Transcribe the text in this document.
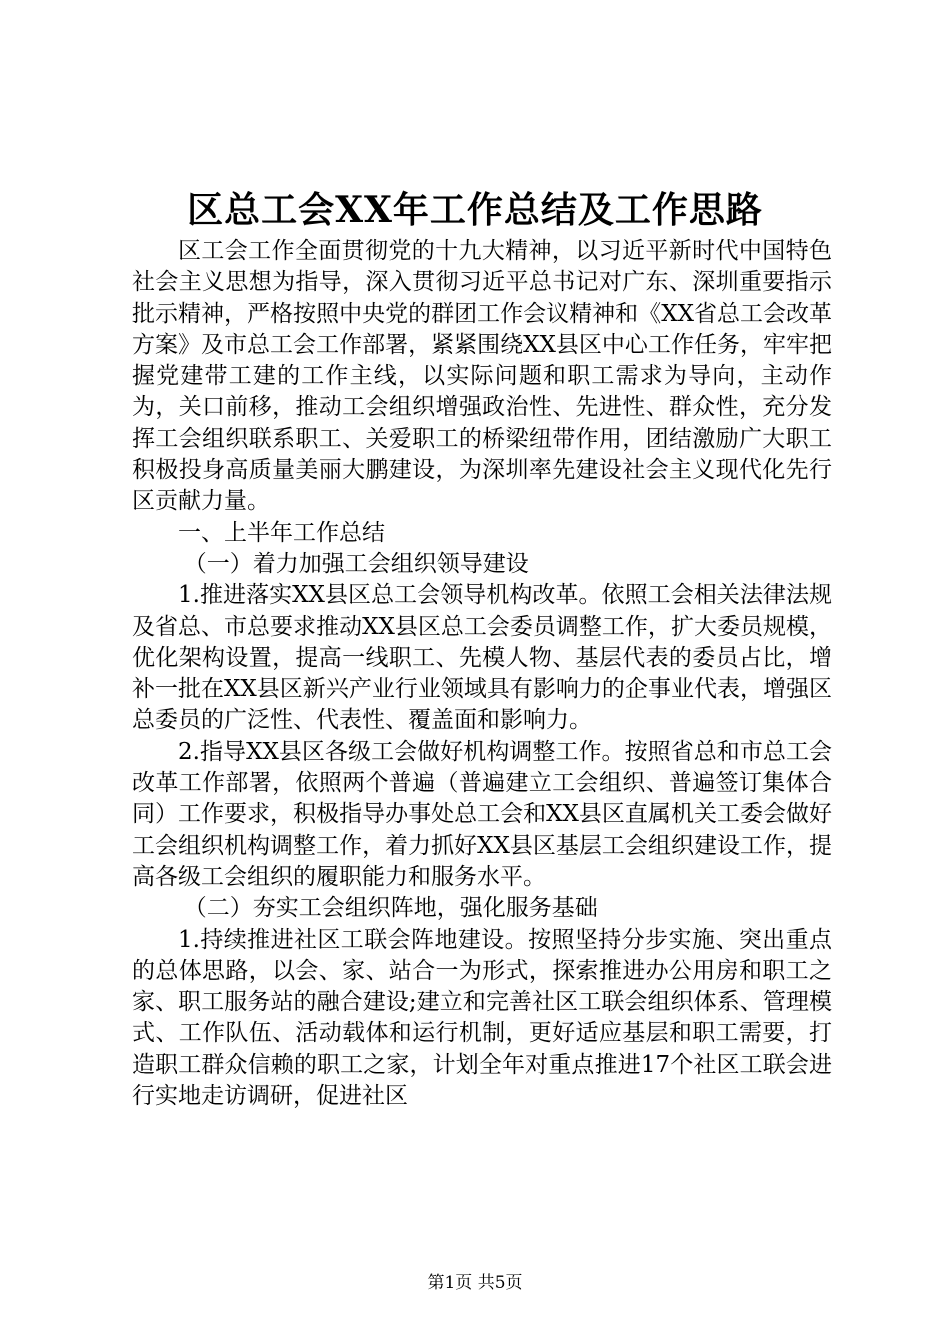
区总工会XX年工作总结及工作思路

区工会工作全面贯彻党的十九大精神，以习近平新时代中国特色社会主义思想为指导，深入贯彻习近平总书记对广东、深圳重要指示批示精神，严格按照中央党的群团工作会议精神和《XX省总工会改革方案》及市总工会工作部署，紧紧围绕XX县区中心工作任务，牢牢把握党建带工建的工作主线，以实际问题和职工需求为导向，主动作为，关口前移，推动工会组织增强政治性、先进性、群众性，充分发挥工会组织联系职工、关爱职工的桥梁纽带作用，团结激励广大职工积极投身高质量美丽大鹏建设，为深圳率先建设社会主义现代化先行区贡献力量。

一、上半年工作总结

（一）着力加强工会组织领导建设

1.推进落实XX县区总工会领导机构改革。依照工会相关法律法规及省总、市总要求推动XX县区总工会委员调整工作，扩大委员规模，优化架构设置，提高一线职工、先模人物、基层代表的委员占比，增补一批在XX县区新兴产业行业领域具有影响力的企事业代表，增强区总委员的广泛性、代表性、覆盖面和影响力。

2.指导XX县区各级工会做好机构调整工作。按照省总和市总工会改革工作部署，依照两个普遍（普遍建立工会组织、普遍签订集体合同）工作要求，积极指导办事处总工会和XX县区直属机关工委会做好工会组织机构调整工作，着力抓好XX县区基层工会组织建设工作，提高各级工会组织的履职能力和服务水平。

（二）夯实工会组织阵地，强化服务基础

1.持续推进社区工联会阵地建设。按照坚持分步实施、突出重点的总体思路，以会、家、站合一为形式，探索推进办公用房和职工之家、职工服务站的融合建设;建立和完善社区工联会组织体系、管理模式、工作队伍、活动载体和运行机制，更好适应基层和职工需要，打造职工群众信赖的职工之家，计划全年对重点推进17个社区工联会进行实地走访调研，促进社区

第1页 共5页
